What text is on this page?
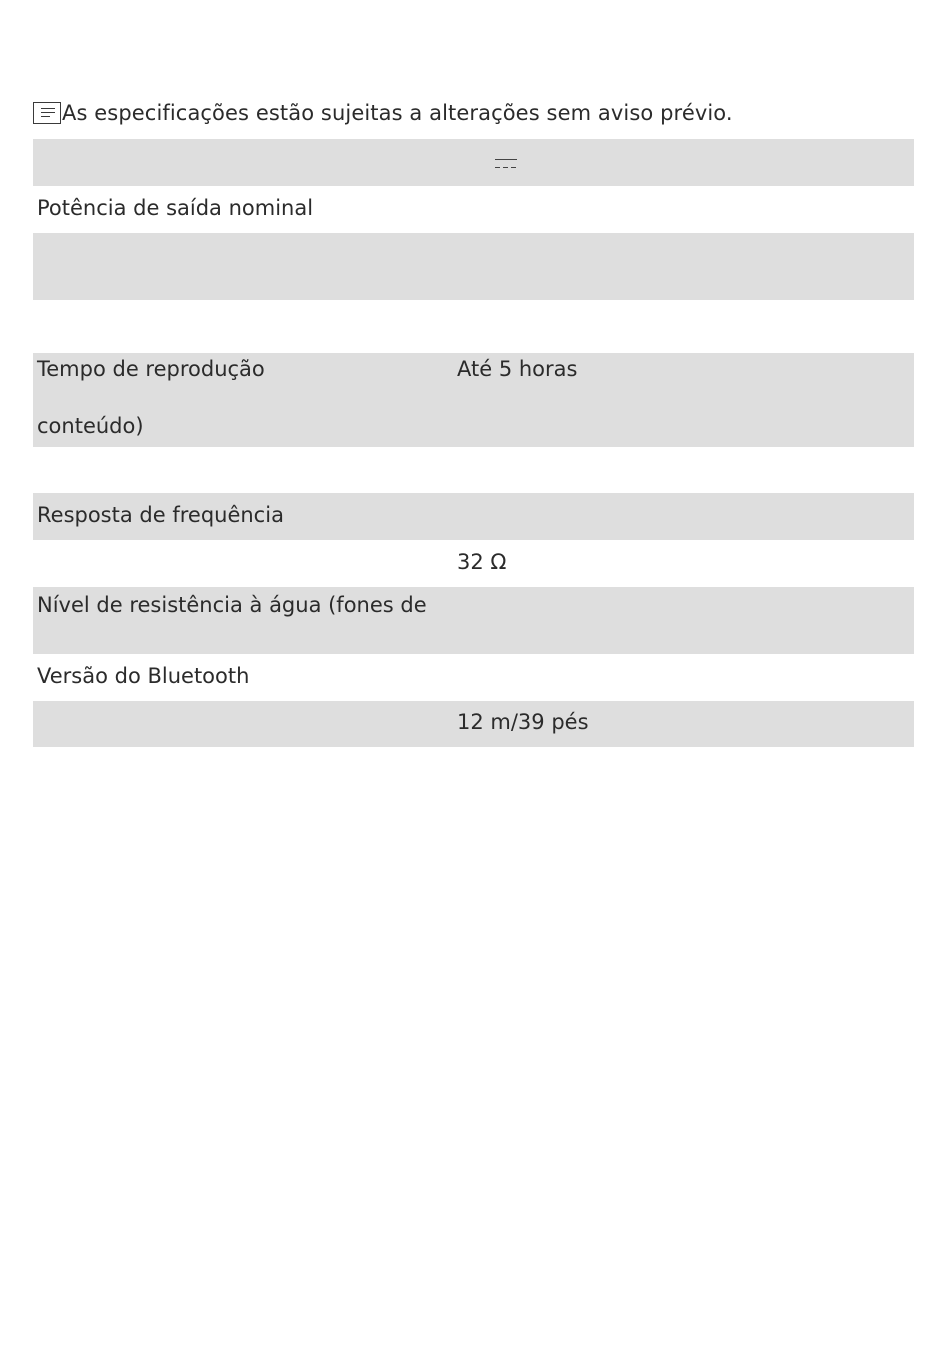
As especificações estão sujeitas a alterações sem aviso prévio.
Potência de saída nominal
Tempo de reprodução
conteúdo)
Até 5 horas
Resposta de frequência
32 Ω
Nível de resistência à água (fones de
Versão do Bluetooth
12 m/39 pés
